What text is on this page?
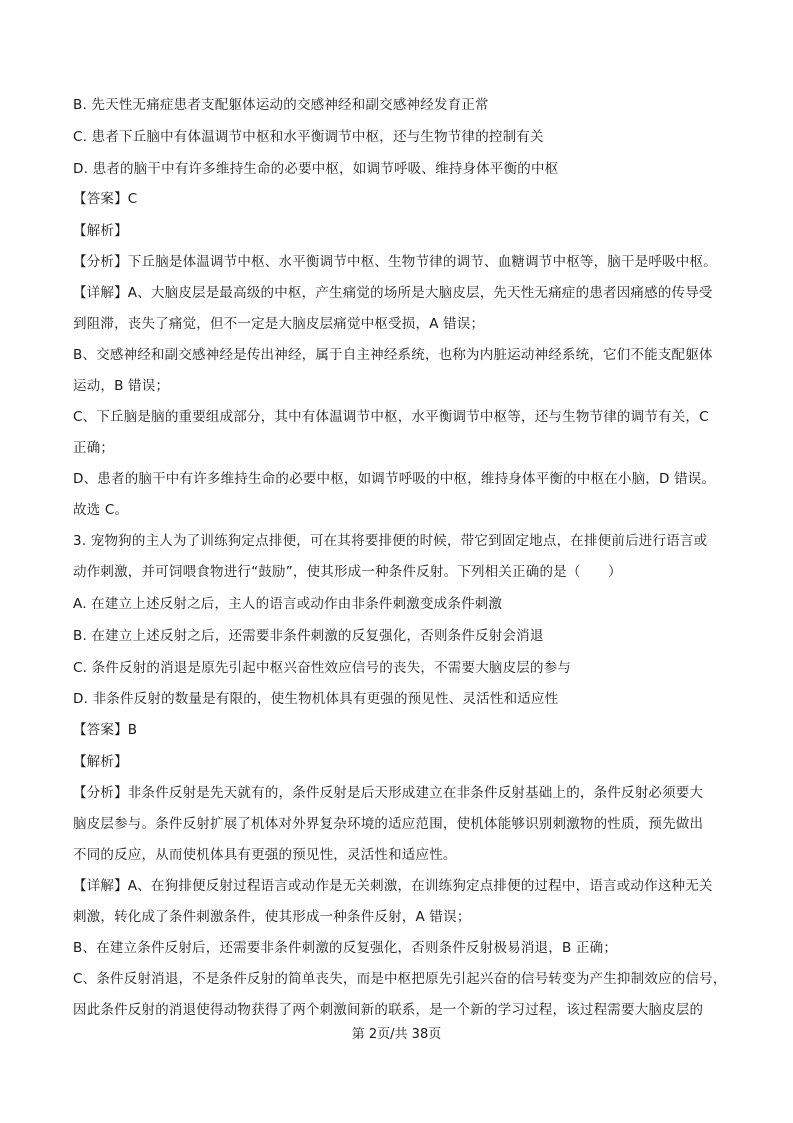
B. 先天性无痛症患者支配躯体运动的交感神经和副交感神经发育正常
C. 患者下丘脑中有体温调节中枢和水平衡调节中枢，还与生物节律的控制有关
D. 患者的脑干中有许多维持生命的必要中枢，如调节呼吸、维持身体平衡的中枢
【答案】C
【解析】
【分析】下丘脑是体温调节中枢、水平衡调节中枢、生物节律的调节、血糖调节中枢等，脑干是呼吸中枢。
【详解】A、大脑皮层是最高级的中枢，产生痛觉的场所是大脑皮层，先天性无痛症的患者因痛感的传导受
到阻滞，丧失了痛觉，但不一定是大脑皮层痛觉中枢受损，A 错误；
B、交感神经和副交感神经是传出神经，属于自主神经系统，也称为内脏运动神经系统，它们不能支配躯体
运动，B 错误；
C、下丘脑是脑的重要组成部分，其中有体温调节中枢，水平衡调节中枢等，还与生物节律的调节有关，C
正确；
D、患者的脑干中有许多维持生命的必要中枢，如调节呼吸的中枢，维持身体平衡的中枢在小脑，D 错误。
故选 C。
3. 宠物狗的主人为了训练狗定点排便，可在其将要排便的时候，带它到固定地点，在排便前后进行语言或
动作刺激，并可饲喂食物进行“鼓励”，使其形成一种条件反射。下列相关正确的是（　　）
A. 在建立上述反射之后，主人的语言或动作由非条件刺激变成条件刺激
B. 在建立上述反射之后，还需要非条件刺激的反复强化，否则条件反射会消退
C. 条件反射的消退是原先引起中枢兴奋性效应信号的丧失，不需要大脑皮层的参与
D. 非条件反射的数量是有限的，使生物机体具有更强的预见性、灵活性和适应性
【答案】B
【解析】
【分析】非条件反射是先天就有的，条件反射是后天形成建立在非条件反射基础上的，条件反射必须要大
脑皮层参与。条件反射扩展了机体对外界复杂环境的适应范围，使机体能够识别刺激物的性质，预先做出
不同的反应，从而使机体具有更强的预见性，灵活性和适应性。
【详解】A、在狗排便反射过程语言或动作是无关刺激，在训练狗定点排便的过程中，语言或动作这种无关
刺激，转化成了条件刺激条件，使其形成一种条件反射，A 错误；
B、在建立条件反射后，还需要非条件刺激的反复强化，否则条件反射极易消退，B 正确；
C、条件反射消退，不是条件反射的简单丧失，而是中枢把原先引起兴奋的信号转变为产生抑制效应的信号，
因此条件反射的消退使得动物获得了两个刺激间新的联系，是一个新的学习过程，该过程需要大脑皮层的
第 2页/共 38页
